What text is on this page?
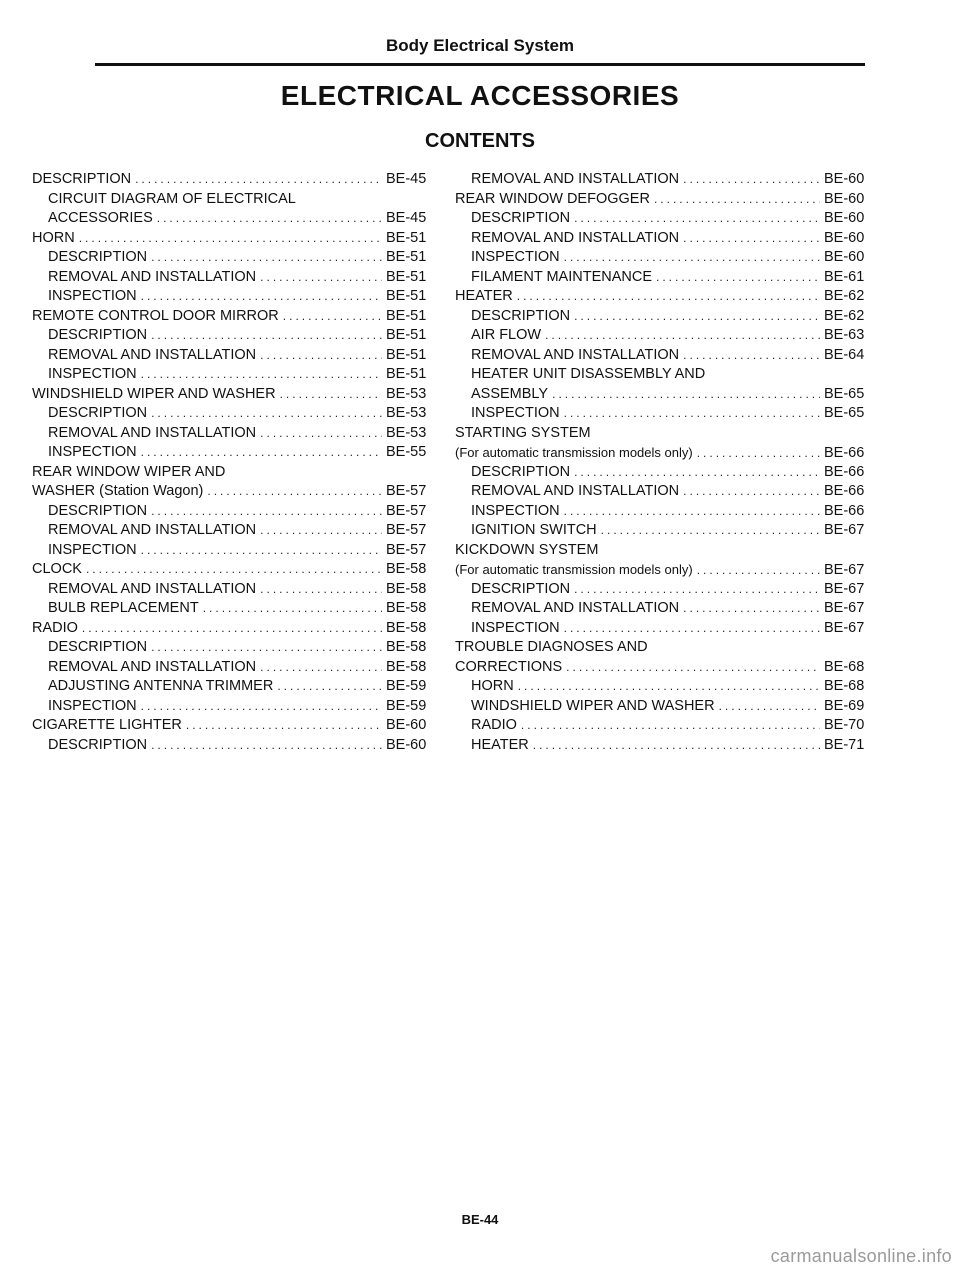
Body Electrical System
ELECTRICAL ACCESSORIES
CONTENTS
DESCRIPTION .....	BE-45
CIRCUIT DIAGRAM OF ELECTRICAL
ACCESSORIES .....	BE-45
HORN .....	BE-51
DESCRIPTION .....	BE-51
REMOVAL AND INSTALLATION .....	BE-51
INSPECTION .....	BE-51
REMOTE CONTROL DOOR MIRROR .....	BE-51
DESCRIPTION .....	BE-51
REMOVAL AND INSTALLATION .....	BE-51
INSPECTION .....	BE-51
WINDSHIELD WIPER AND WASHER .....	BE-53
DESCRIPTION .....	BE-53
REMOVAL AND INSTALLATION .....	BE-53
INSPECTION .....	BE-55
REAR WINDOW WIPER AND
WASHER (Station Wagon) .....	BE-57
DESCRIPTION .....	BE-57
REMOVAL AND INSTALLATION .....	BE-57
INSPECTION .....	BE-57
CLOCK .....	BE-58
REMOVAL AND INSTALLATION .....	BE-58
BULB REPLACEMENT .....	BE-58
RADIO .....	BE-58
DESCRIPTION .....	BE-58
REMOVAL AND INSTALLATION .....	BE-58
ADJUSTING ANTENNA TRIMMER .....	BE-59
INSPECTION .....	BE-59
CIGARETTE LIGHTER .....	BE-60
DESCRIPTION .....	BE-60
REMOVAL AND INSTALLATION .....	BE-60
REAR WINDOW DEFOGGER .....	BE-60
DESCRIPTION .....	BE-60
REMOVAL AND INSTALLATION .....	BE-60
INSPECTION .....	BE-60
FILAMENT MAINTENANCE .....	BE-61
HEATER .....	BE-62
DESCRIPTION .....	BE-62
AIR FLOW .....	BE-63
REMOVAL AND INSTALLATION .....	BE-64
HEATER UNIT DISASSEMBLY AND
ASSEMBLY .....	BE-65
INSPECTION .....	BE-65
STARTING SYSTEM
(For automatic transmission models only) .....	BE-66
DESCRIPTION .....	BE-66
REMOVAL AND INSTALLATION .....	BE-66
INSPECTION .....	BE-66
IGNITION SWITCH .....	BE-67
KICKDOWN SYSTEM
(For automatic transmission models only) .....	BE-67
DESCRIPTION .....	BE-67
REMOVAL AND INSTALLATION .....	BE-67
INSPECTION .....	BE-67
TROUBLE DIAGNOSES AND
CORRECTIONS .....	BE-68
HORN .....	BE-68
WINDSHIELD WIPER AND WASHER .....	BE-69
RADIO .....	BE-70
HEATER .....	BE-71
BE-44
carmanualsonline.info
